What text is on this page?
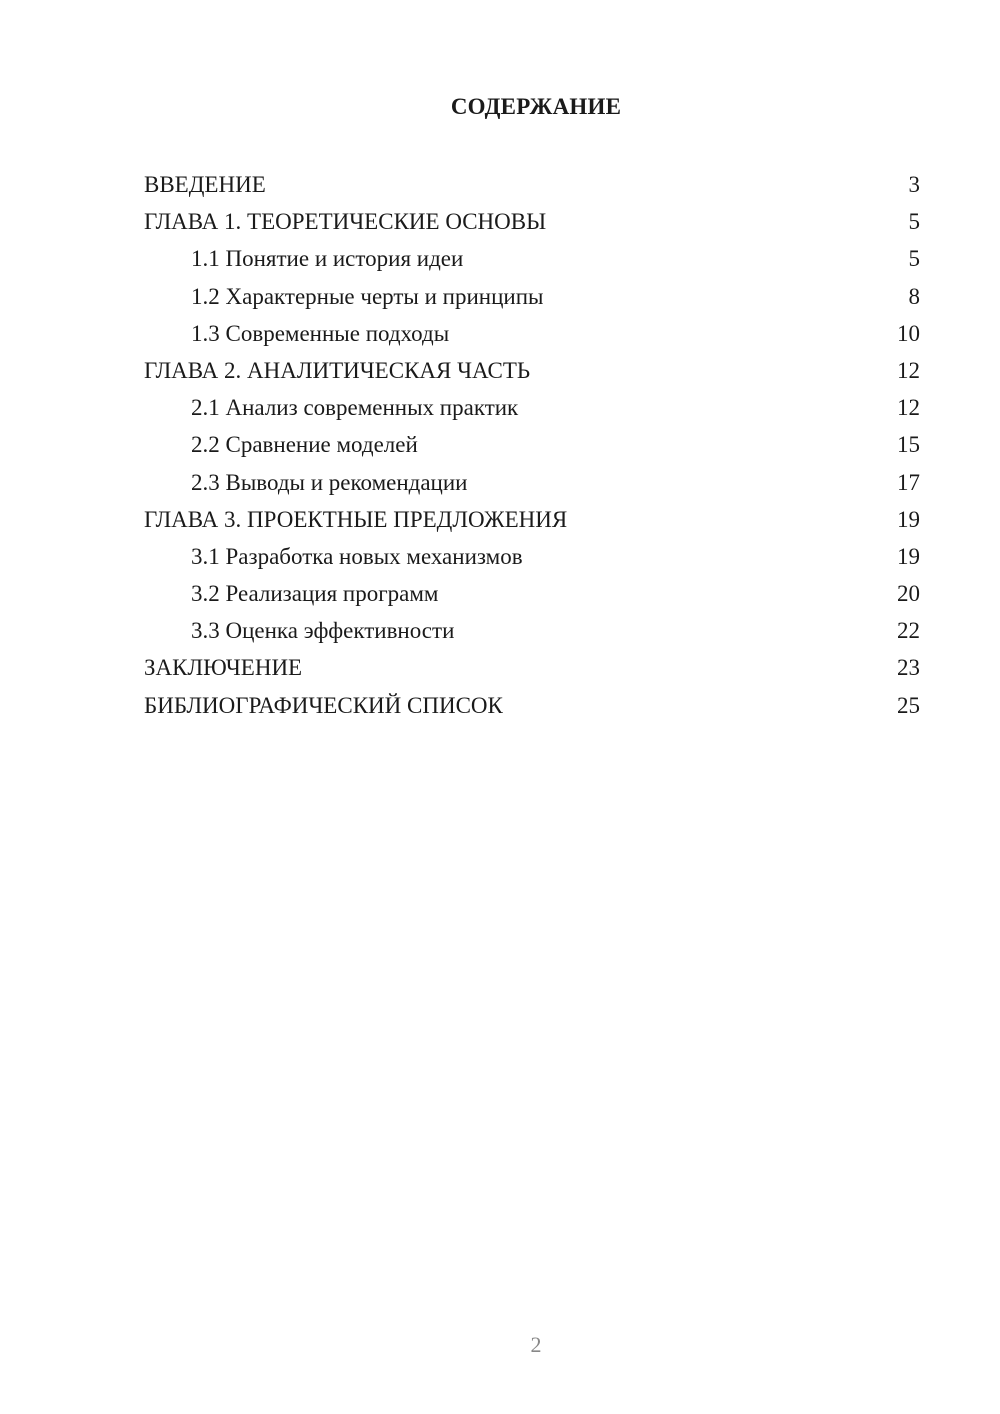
СОДЕРЖАНИЕ
ВВЕДЕНИЕ	3
ГЛАВА 1. ТЕОРЕТИЧЕСКИЕ ОСНОВЫ	5
1.1 Понятие и история идеи	5
1.2 Характерные черты и принципы	8
1.3 Современные подходы	10
ГЛАВА 2. АНАЛИТИЧЕСКАЯ ЧАСТЬ	12
2.1 Анализ современных практик	12
2.2 Сравнение моделей	15
2.3 Выводы и рекомендации	17
ГЛАВА 3. ПРОЕКТНЫЕ ПРЕДЛОЖЕНИЯ	19
3.1 Разработка новых механизмов	19
3.2 Реализация программ	20
3.3 Оценка эффективности	22
ЗАКЛЮЧЕНИЕ	23
БИБЛИОГРАФИЧЕСКИЙ СПИСОК	25
2
